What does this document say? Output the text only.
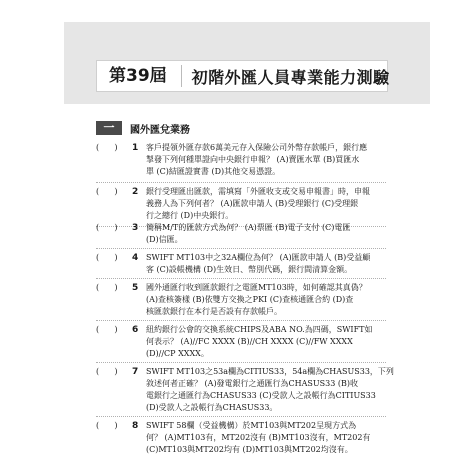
第39屆	初階外匯人員專業能力測驗
一	國外匯兌業務
(      )	1 客戶提領外匯存款6萬美元存入保險公司外幣存款帳戶，銀行應
掣發下列何種單證向中央銀行申報？ (A)賣匯水單 (B)買匯水
單 (C)結匯證實書 (D)其他交易憑證。
(      )	2 銀行受理匯出匯款，需填寫「外匯收支或交易申報書」時，申報
義務人為下列何者？ (A)匯款申請人 (B)受理銀行 (C)受理銀
行之總行 (D)中央銀行。
(      )	3 簡稱M/T的匯款方式為何？ (A)票匯 (B)電子支付 (C)電匯
(D)信匯。
(      )	4 SWIFT MT103中之32A欄位為何？ (A)匯款申請人 (B)受益顧
客 (C)設帳機構 (D)生效日、幣別代碼，銀行間清算金額。
(      )	5 國外通匯行收到匯款銀行之電匯MT103時，如何確認其真偽？
(A)查核簽樣 (B)依雙方交換之PKI (C)查核通匯合約 (D)查
核匯款銀行在本行是否設有存款帳戶。
(      )	6 紐約銀行公會的交換系統CHIPS及ABA NO.為四碼，SWIFT如
何表示？ (A)//FC XXXX (B)//CH XXXX (C)//FW XXXX
(D)//CP XXXX。
(      )	7 SWIFT MT103之53a欄為CITIUS33，54a欄為CHASUS33，下列
敘述何者正確？ (A)發電銀行之通匯行為CHASUS33 (B)收
電銀行之通匯行為CHASUS33 (C)受款人之設帳行為CITIUS33
(D)受款人之設帳行為CHASUS33。
(      )	8 SWIFT 58欄（受益機構）於MT103與MT202呈現方式為
何？ (A)MT103有，MT202沒有 (B)MT103沒有，MT202有
(C)MT103與MT202均有 (D)MT103與MT202均沒有。
